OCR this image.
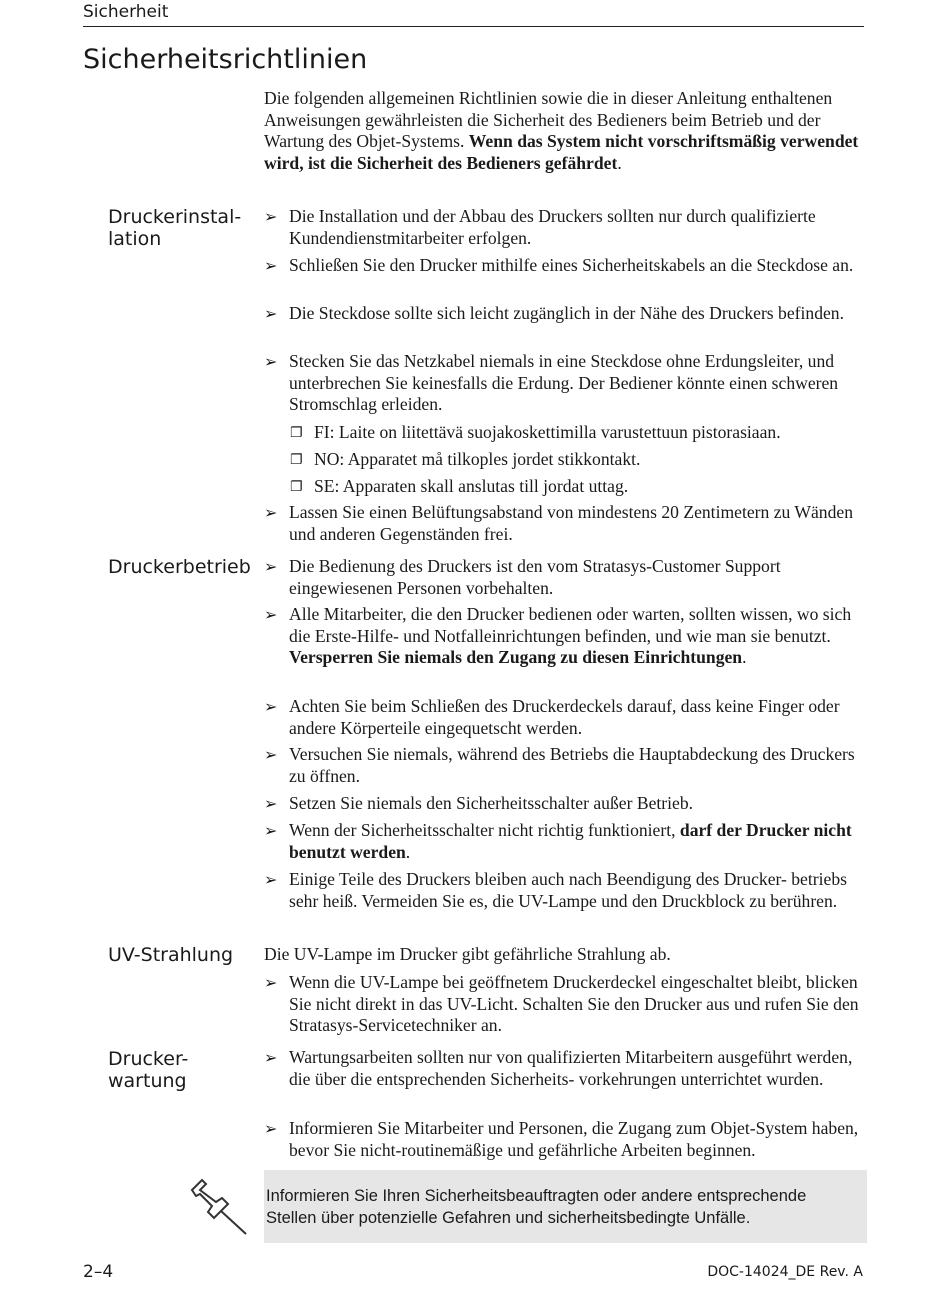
Sicherheit
Sicherheitsrichtlinien
Die folgenden allgemeinen Richtlinien sowie die in dieser Anleitung enthaltenen Anweisungen gewährleisten die Sicherheit des Bedieners beim Betrieb und der Wartung des Objet-Systems. Wenn das System nicht vorschriftsmäßig verwendet wird, ist die Sicherheit des Bedieners gefährdet.
Druckerinstal-
lation
➢ Die Installation und der Abbau des Druckers sollten nur durch qualifizierte Kundendienstmitarbeiter erfolgen.
➢ Schließen Sie den Drucker mithilfe eines Sicherheitskabels an die Steckdose an.
➢ Die Steckdose sollte sich leicht zugänglich in der Nähe des Druckers befinden.
➢ Stecken Sie das Netzkabel niemals in eine Steckdose ohne Erdungsleiter, und unterbrechen Sie keinesfalls die Erdung. Der Bediener könnte einen schweren Stromschlag erleiden.
❐ FI: Laite on liitettävä suojakoskettimilla varustettuun pistorasiaan.
❐ NO: Apparatet må tilkoples jordet stikkontakt.
❐ SE: Apparaten skall anslutas till jordat uttag.
➢ Lassen Sie einen Belüftungsabstand von mindestens 20 Zentimetern zu Wänden und anderen Gegenständen frei.
Druckerbetrieb ➢ Die Bedienung des Druckers ist den vom Stratasys-Customer Support eingewiesenen Personen vorbehalten.
➢ Alle Mitarbeiter, die den Drucker bedienen oder warten, sollten wissen, wo sich die Erste-Hilfe- und Notfalleinrichtungen befinden, und wie man sie benutzt. Versperren Sie niemals den Zugang zu diesen Einrichtungen.
➢ Achten Sie beim Schließen des Druckerdeckels darauf, dass keine Finger oder andere Körperteile eingequetscht werden.
➢ Versuchen Sie niemals, während des Betriebs die Hauptabdeckung des Druckers zu öffnen.
➢ Setzen Sie niemals den Sicherheitsschalter außer Betrieb.
➢ Wenn der Sicherheitsschalter nicht richtig funktioniert, darf der Drucker nicht benutzt werden.
➢ Einige Teile des Druckers bleiben auch nach Beendigung des Drucker- betriebs sehr heiß. Vermeiden Sie es, die UV-Lampe und den Druckblock zu berühren.
UV-Strahlung Die UV-Lampe im Drucker gibt gefährliche Strahlung ab.
➢ Wenn die UV-Lampe bei geöffnetem Druckerdeckel eingeschaltet bleibt, blicken Sie nicht direkt in das UV-Licht. Schalten Sie den Drucker aus und rufen Sie den Stratasys-Servicetechniker an.
Drucker-
wartung
➢ Wartungsarbeiten sollten nur von qualifizierten Mitarbeitern ausgeführt werden, die über die entsprechenden Sicherheits- vorkehrungen unterrichtet wurden.
➢ Informieren Sie Mitarbeiter und Personen, die Zugang zum Objet-System haben, bevor Sie nicht-routinemäßige und gefährliche Arbeiten beginnen.
Informieren Sie Ihren Sicherheitsbeauftragten oder andere entsprechende Stellen über potenzielle Gefahren und sicherheitsbedingte Unfälle.
2–4	DOC-14024_DE Rev. A
